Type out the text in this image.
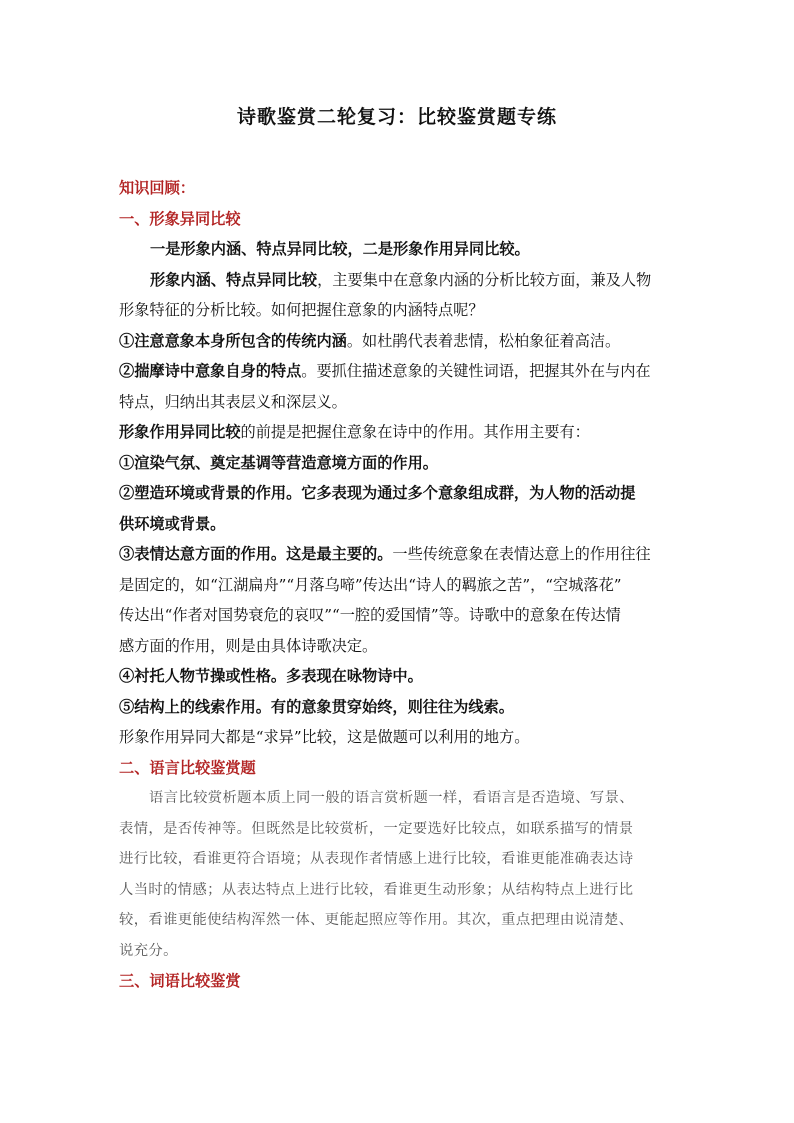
诗歌鉴赏二轮复习：比较鉴赏题专练
知识回顾：
一、形象异同比较
一是形象内涵、特点异同比较，二是形象作用异同比较。
形象内涵、特点异同比较，主要集中在意象内涵的分析比较方面，兼及人物
形象特征的分析比较。如何把握住意象的内涵特点呢？
①注意意象本身所包含的传统内涵。如杜鹃代表着悲情，松柏象征着高洁。
②揣摩诗中意象自身的特点。要抓住描述意象的关键性词语，把握其外在与内在
特点，归纳出其表层义和深层义。
形象作用异同比较的前提是把握住意象在诗中的作用。其作用主要有：
①渲染气氛、奠定基调等营造意境方面的作用。
②塑造环境或背景的作用。它多表现为通过多个意象组成群，为人物的活动提
供环境或背景。
③表情达意方面的作用。这是最主要的。一些传统意象在表情达意上的作用往往
是固定的，如“江湖扁舟”“月落乌啼”传达出“诗人的羁旅之苦”，“空城落花”
传达出“作者对国势衰危的哀叹”“一腔的爱国情”等。诗歌中的意象在传达情
感方面的作用，则是由具体诗歌决定。
④衬托人物节操或性格。多表现在咏物诗中。
⑤结构上的线索作用。有的意象贯穿始终，则往往为线索。
形象作用异同大都是“求异”比较，这是做题可以利用的地方。
二、语言比较鉴赏题
语言比较赏析题本质上同一般的语言赏析题一样，看语言是否造境、写景、
表情，是否传神等。但既然是比较赏析，一定要选好比较点，如联系描写的情景
进行比较，看谁更符合语境；从表现作者情感上进行比较，看谁更能准确表达诗
人当时的情感；从表达特点上进行比较，看谁更生动形象；从结构特点上进行比
较，看谁更能使结构浑然一体、更能起照应等作用。其次，重点把理由说清楚、
说充分。
三、词语比较鉴赏
